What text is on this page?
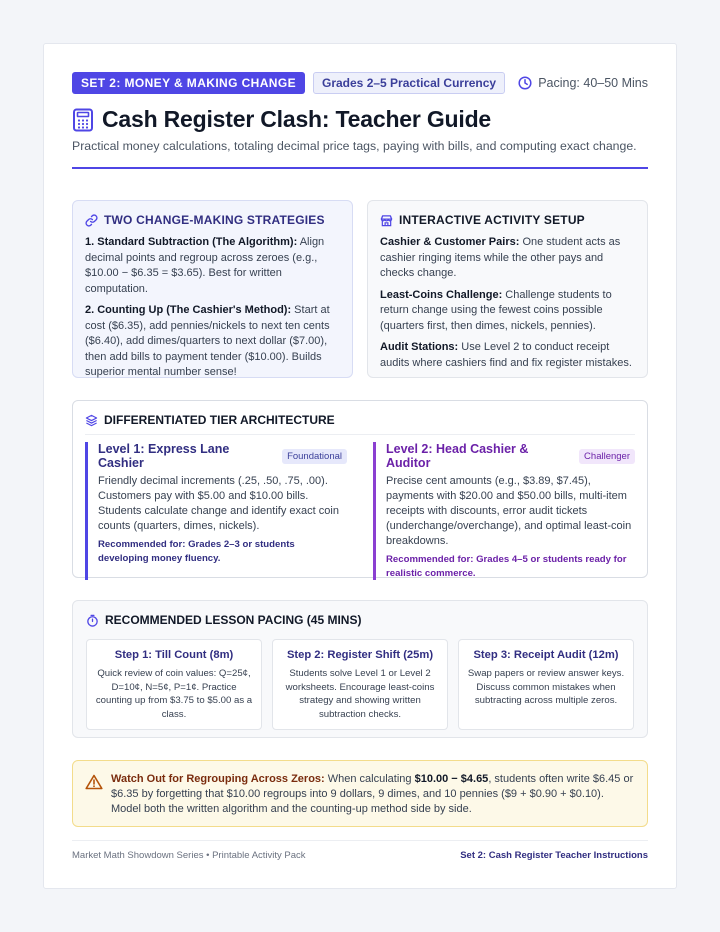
SET 2: MONEY & MAKING CHANGE	Grades 2–5 Practical Currency	Pacing: 40–50 Mins
Cash Register Clash: Teacher Guide

Practical money calculations, totaling decimal price tags, paying with bills, and computing exact change.

TWO CHANGE-MAKING STRATEGIES

1. Standard Subtraction (The Algorithm): Align decimal points and regroup across zeroes (e.g., $10.00 − $6.35 = $3.65). Best for written computation.

2. Counting Up (The Cashier's Method): Start at cost ($6.35), add pennies/nickels to next ten cents ($6.40), add dimes/quarters to next dollar ($7.00), then add bills to payment tender ($10.00). Builds superior mental number sense!

INTERACTIVE ACTIVITY SETUP

Cashier & Customer Pairs: One student acts as cashier ringing items while the other pays and checks change.

Least-Coins Challenge: Challenge students to return change using the fewest coins possible (quarters first, then dimes, nickels, pennies).

Audit Stations: Use Level 2 to conduct receipt audits where cashiers find and fix register mistakes.

DIFFERENTIATED TIER ARCHITECTURE
Level 1: Express Lane Cashier	Foundational

Friendly decimal increments (.25, .50, .75, .00). Customers pay with $5.00 and $10.00 bills. Students calculate change and identify exact coin counts (quarters, dimes, nickels).

Recommended for: Grades 2–3 or students developing money fluency.

Level 2: Head Cashier & Auditor	Challenger

Precise cent amounts (e.g., $3.89, $7.45), payments with $20.00 and $50.00 bills, multi-item receipts with discounts, error audit tickets (underchange/overchange), and optimal least-coin breakdowns.

Recommended for: Grades 4–5 or students ready for realistic commerce.

RECOMMENDED LESSON PACING (45 MINS)
Step 1: Till Count (8m)
Quick review of coin values: Q=25¢, D=10¢, N=5¢, P=1¢. Practice counting up from $3.75 to $5.00 as a class.
Step 2: Register Shift (25m)
Students solve Level 1 or Level 2 worksheets. Encourage least-coins strategy and showing written subtraction checks.
Step 3: Receipt Audit (12m)
Swap papers or review answer keys. Discuss common mistakes when subtracting across multiple zeros.

Watch Out for Regrouping Across Zeros: When calculating $10.00 − $4.65, students often write $6.45 or $6.35 by forgetting that $10.00 regroups into 9 dollars, 9 dimes, and 10 pennies ($9 + $0.90 + $0.10). Model both the written algorithm and the counting-up method side by side.

Market Math Showdown Series • Printable Activity Pack	Set 2: Cash Register Teacher Instructions
